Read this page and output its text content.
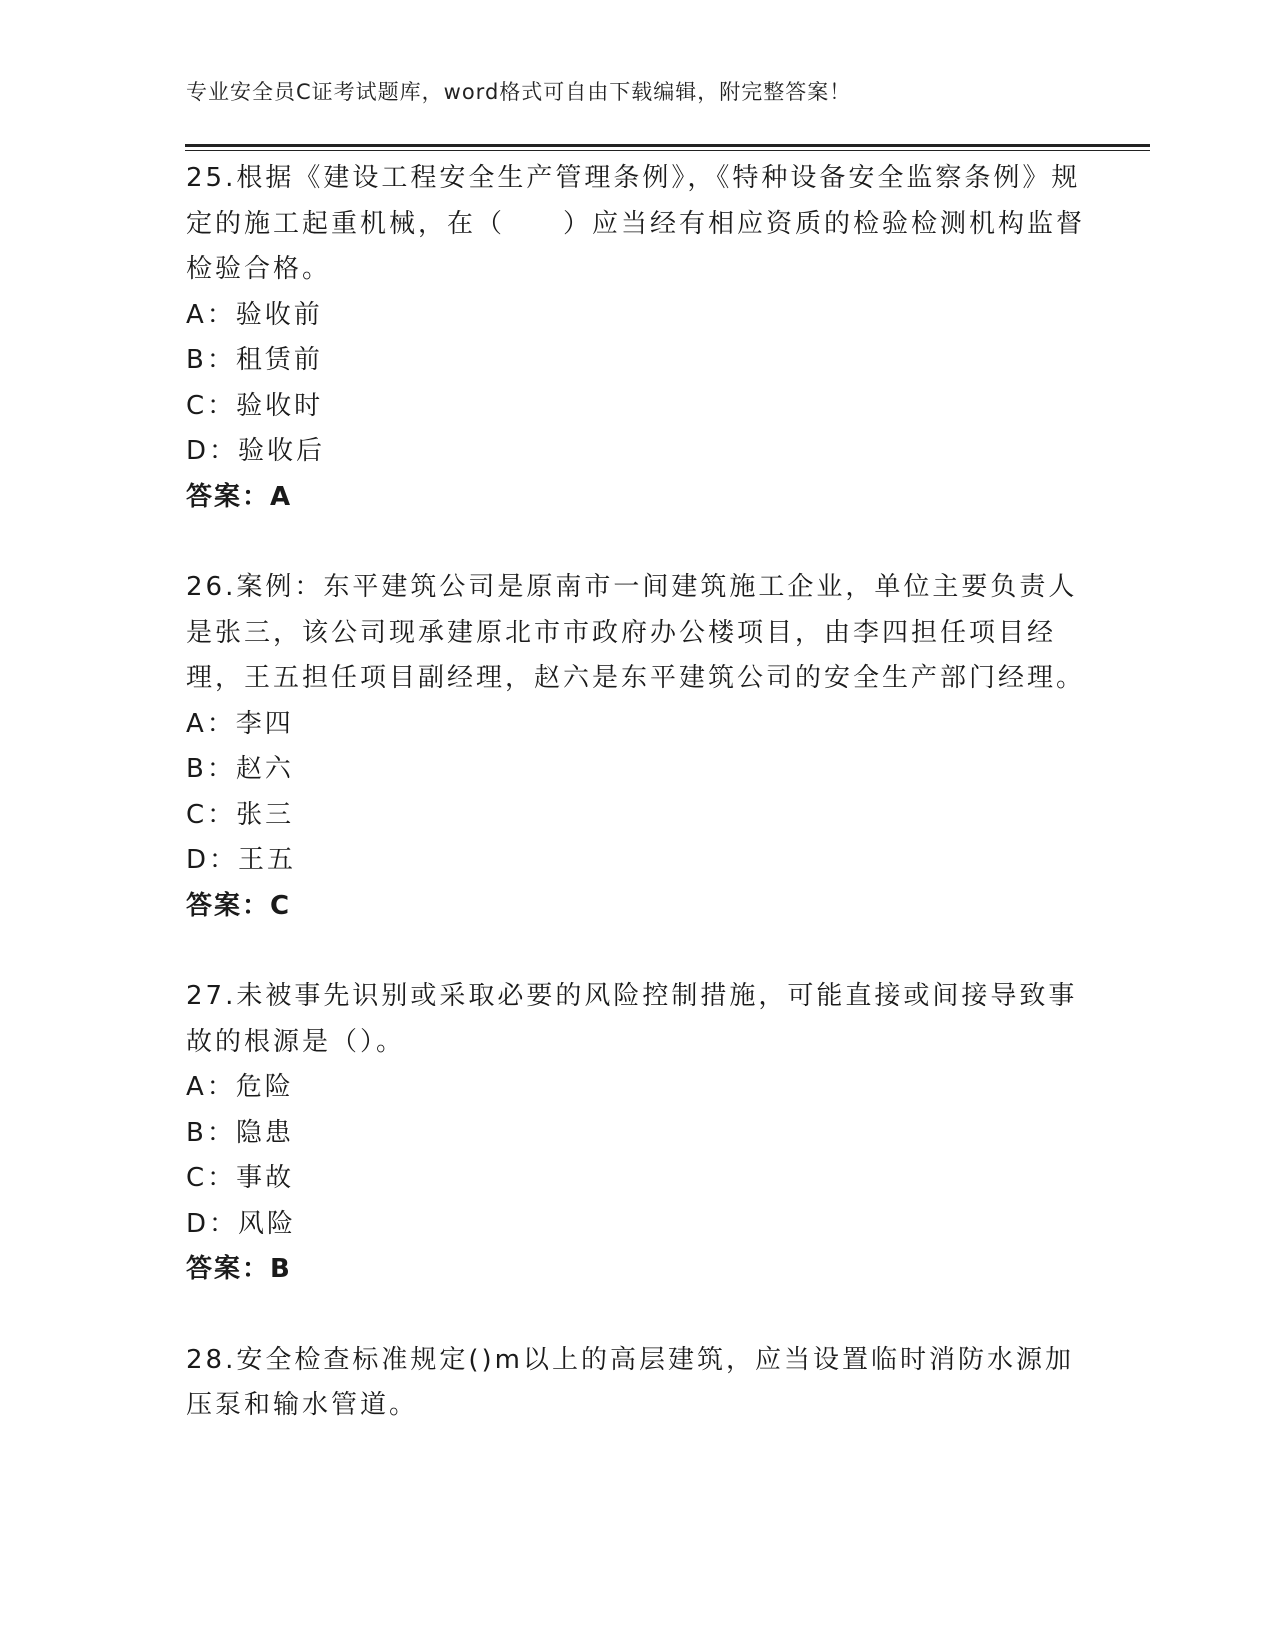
专业安全员C证考试题库，word格式可自由下载编辑，附完整答案！

25.根据《建设工程安全生产管理条例》，《特种设备安全监察条例》规定的施工起重机械，在（　　）应当经有相应资质的检验检测机构监督检验合格。

A：验收前

B：租赁前

C：验收时

D：验收后

答案：A

26.案例：东平建筑公司是原南市一间建筑施工企业，单位主要负责人是张三，该公司现承建原北市市政府办公楼项目，由李四担任项目经理，王五担任项目副经理，赵六是东平建筑公司的安全生产部门经理。

A：李四

B：赵六

C：张三

D：王五

答案：C

27.未被事先识别或采取必要的风险控制措施，可能直接或间接导致事故的根源是（）。

A：危险

B：隐患

C：事故

D：风险

答案：B

28.安全检查标准规定()m以上的高层建筑，应当设置临时消防水源加压泵和输水管道。
